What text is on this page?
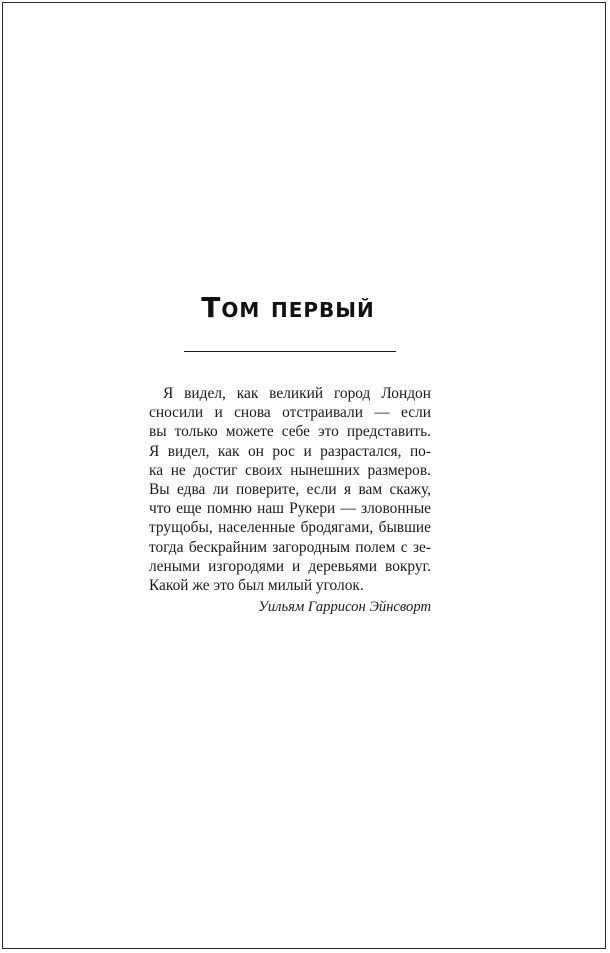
Том первый
Я видел, как великий город Лондон
сносили и снова отстраивали — если
вы только можете себе это представить.
Я видел, как он рос и разрастался, по-
ка не достиг своих нынешних размеров.
Вы едва ли поверите, если я вам скажу,
что еще помню наш Рукери — зловонные
трущобы, населенные бродягами, бывшие
тогда бескрайним загородным полем с зе-
леными изгородями и деревьями вокруг.
Какой же это был милый уголок.
Уильям Гаррисон Эйнсворт
